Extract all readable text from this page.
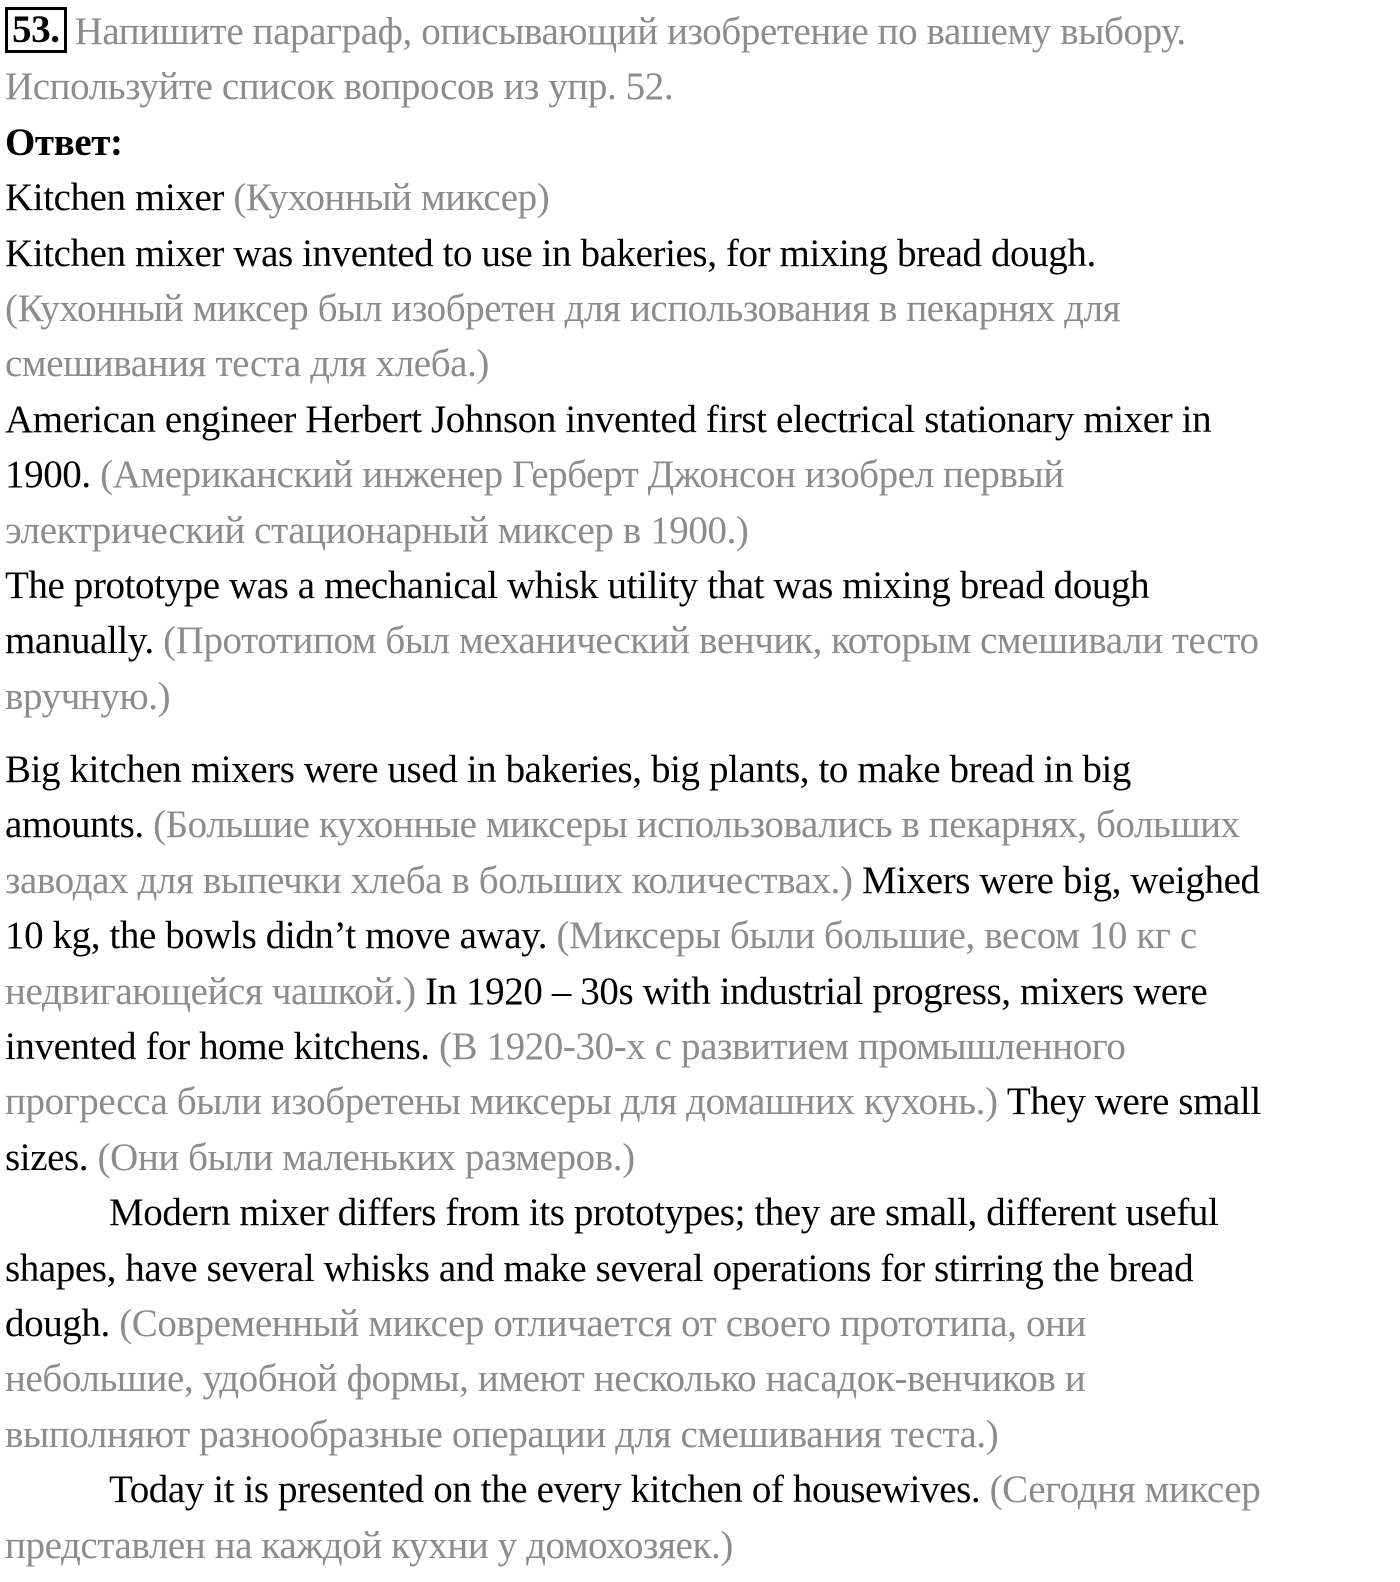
53. Напишите параграф, описывающий изобретение по вашему выбору.
Используйте список вопросов из упр. 52.
Ответ:
Kitchen mixer (Кухонный миксер)
Kitchen mixer was invented to use in bakeries, for mixing bread dough.
(Кухонный миксер был изобретен для использования в пекарнях для
смешивания теста для хлеба.)
American engineer Herbert Johnson invented first electrical stationary mixer in
1900. (Американский инженер Герберт Джонсон изобрел первый
электрический стационарный миксер в 1900.)
The prototype was a mechanical whisk utility that was mixing bread dough
manually. (Прототипом был механический венчик, которым смешивали тесто
вручную.)
Big kitchen mixers were used in bakeries, big plants, to make bread in big
amounts. (Большие кухонные миксеры использовались в пекарнях, больших
заводах для выпечки хлеба в больших количествах.) Mixers were big, weighed
10 kg, the bowls didn’t move away. (Миксеры были большие, весом 10 кг с
недвигающейся чашкой.) In 1920 – 30s with industrial progress, mixers were
invented for home kitchens. (В 1920-30-х с развитием промышленного
прогресса были изобретены миксеры для домашних кухонь.) They were small
sizes. (Они были маленьких размеров.)
Modern mixer differs from its prototypes; they are small, different useful
shapes, have several whisks and make several operations for stirring the bread
dough. (Современный миксер отличается от своего прототипа, они
небольшие, удобной формы, имеют несколько насадок-венчиков и
выполняют разнообразные операции для смешивания теста.)
Today it is presented on the every kitchen of housewives. (Сегодня миксер
представлен на каждой кухни у домохозяек.)
